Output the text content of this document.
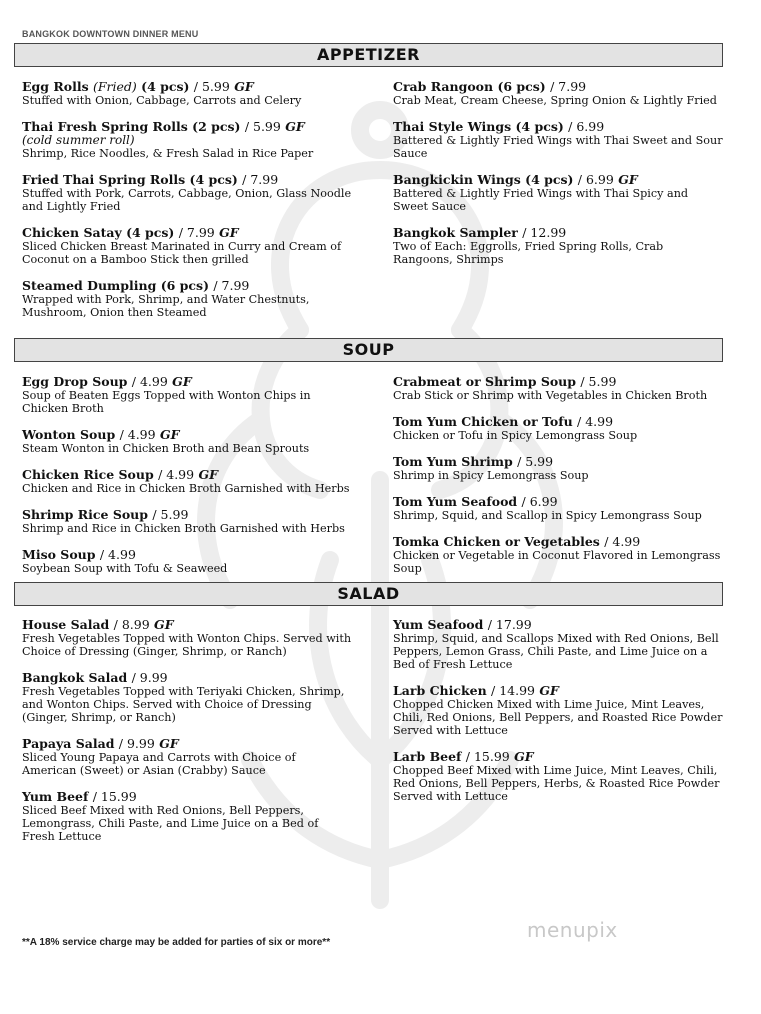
BANGKOK DOWNTOWN DINNER MENU
APPETIZER
Egg Rolls (Fried) (4 pcs) / 5.99 GF
Stuffed with Onion, Cabbage, Carrots and Celery
Thai Fresh Spring Rolls (2 pcs) / 5.99 GF
(cold summer roll)
Shrimp, Rice Noodles, & Fresh Salad in Rice Paper
Fried Thai Spring Rolls (4 pcs) / 7.99
Stuffed with Pork, Carrots, Cabbage, Onion, Glass Noodle and Lightly Fried
Chicken Satay (4 pcs) / 7.99 GF
Sliced Chicken Breast Marinated in Curry and Cream of Coconut on a Bamboo Stick then grilled
Steamed Dumpling (6 pcs) / 7.99
Wrapped with Pork, Shrimp, and Water Chestnuts, Mushroom, Onion then Steamed
Crab Rangoon (6 pcs) / 7.99
Crab Meat, Cream Cheese, Spring Onion & Lightly Fried
Thai Style Wings (4 pcs) / 6.99
Battered & Lightly Fried Wings with Thai Sweet and Sour Sauce
Bangkickin Wings (4 pcs) / 6.99 GF
Battered & Lightly Fried Wings with Thai Spicy and Sweet Sauce
Bangkok Sampler / 12.99
Two of Each: Eggrolls, Fried Spring Rolls, Crab Rangoons, Shrimps
SOUP
Egg Drop Soup / 4.99 GF
Soup of Beaten Eggs Topped with Wonton Chips in Chicken Broth
Wonton Soup / 4.99 GF
Steam Wonton in Chicken Broth and Bean Sprouts
Chicken Rice Soup / 4.99 GF
Chicken and Rice in Chicken Broth Garnished with Herbs
Shrimp Rice Soup / 5.99
Shrimp and Rice in Chicken Broth Garnished with Herbs
Miso Soup / 4.99
Soybean Soup with Tofu & Seaweed
Crabmeat or Shrimp Soup / 5.99
Crab Stick or Shrimp with Vegetables in Chicken Broth
Tom Yum Chicken or Tofu / 4.99
Chicken or Tofu in Spicy Lemongrass Soup
Tom Yum Shrimp / 5.99
Shrimp in Spicy Lemongrass Soup
Tom Yum Seafood / 6.99
Shrimp, Squid, and Scallop in Spicy Lemongrass Soup
Tomka Chicken or Vegetables / 4.99
Chicken or Vegetable in Coconut Flavored in Lemongrass Soup
SALAD
House Salad / 8.99 GF
Fresh Vegetables Topped with Wonton Chips. Served with Choice of Dressing (Ginger, Shrimp, or Ranch)
Bangkok Salad / 9.99
Fresh Vegetables Topped with Teriyaki Chicken, Shrimp, and Wonton Chips. Served with Choice of Dressing (Ginger, Shrimp, or Ranch)
Papaya Salad / 9.99 GF
Sliced Young Papaya and Carrots with Choice of American (Sweet) or Asian (Crabby) Sauce
Yum Beef / 15.99
Sliced Beef Mixed with Red Onions, Bell Peppers, Lemongrass, Chili Paste, and Lime Juice on a Bed of Fresh Lettuce
Yum Seafood / 17.99
Shrimp, Squid, and Scallops Mixed with Red Onions, Bell Peppers, Lemon Grass, Chili Paste, and Lime Juice on a Bed of Fresh Lettuce
Larb Chicken / 14.99 GF
Chopped Chicken Mixed with Lime Juice, Mint Leaves, Chili, Red Onions, Bell Peppers, and Roasted Rice Powder Served with Lettuce
Larb Beef / 15.99 GF
Chopped Beef Mixed with Lime Juice, Mint Leaves, Chili, Red Onions, Bell Peppers, Herbs, & Roasted Rice Powder Served with Lettuce
**A 18% service charge may be added for parties of six or more**
menupix
